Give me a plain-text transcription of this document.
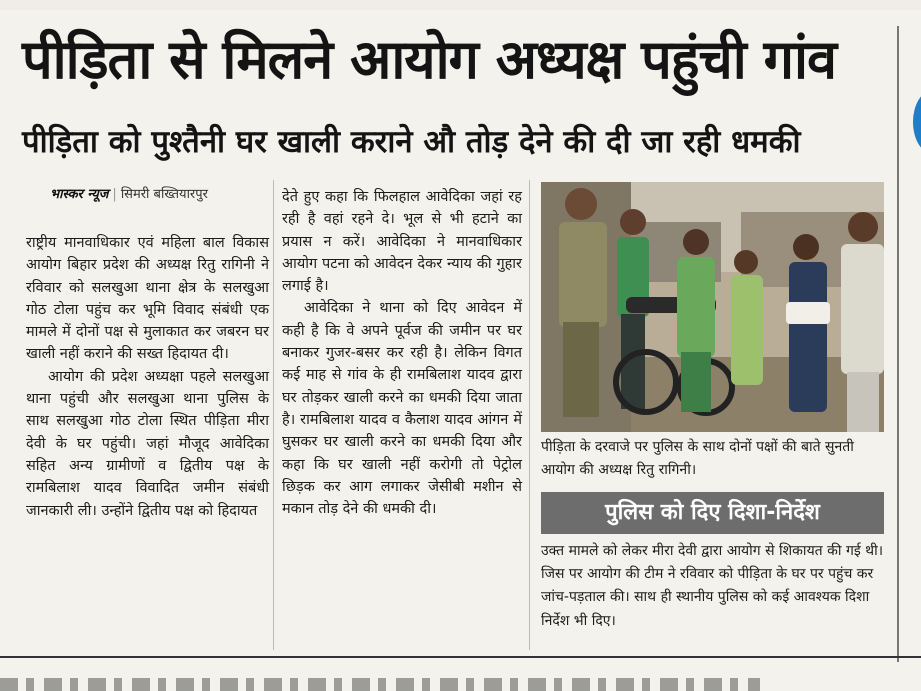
पीड़िता से मिलने आयोग अध्यक्ष पहुंची गांव
पीड़िता को पुश्तैनी घर खाली कराने औ तोड़ देने की दी जा रही धमकी
भास्कर न्यूज | सिमरी बख्तियारपुर

राष्ट्रीय मानवाधिकार एवं महिला बाल विकास आयोग बिहार प्रदेश की अध्यक्ष रितु रागिनी ने रविवार को सलखुआ थाना क्षेत्र के सलखुआ गोठ टोला पहुंच कर भूमि विवाद संबंधी एक मामले में दोनों पक्ष से मुलाकात कर जबरन घर खाली नहीं कराने की सख्त हिदायत दी।

आयोग की प्रदेश अध्यक्षा पहले सलखुआ थाना पहुंची और सलखुआ थाना पुलिस के साथ सलखुआ गोठ टोला स्थित पीड़िता मीरा देवी के घर पहुंची। जहां मौजूद आवेदिका सहित अन्य ग्रामीणों व द्वितीय पक्ष के रामबिलाश यादव विवादित जमीन संबंधी जानकारी ली। उन्होंने द्वितीय पक्ष को हिदायत

देते हुए कहा कि फिलहाल आवेदिका जहां रह रही है वहां रहने दे। भूल से भी हटाने का प्रयास न करें। आवेदिका ने मानवाधिकार आयोग पटना को आवेदन देकर न्याय की गुहार लगाई है।

आवेदिका ने थाना को दिए आवेदन में कही है कि वे अपने पूर्वज की जमीन पर घर बनाकर गुजर-बसर कर रही है। लेकिन विगत कई माह से गांव के ही रामबिलाश यादव द्वारा घर तोड़कर खाली करने का धमकी दिया जाता है। रामबिलाश यादव व कैलाश यादव आंगन में घुसकर घर खाली करने का धमकी दिया और कहा कि घर खाली नहीं करोगी तो पेट्रोल छिड़क कर आग लगाकर जेसीबी मशीन से मकान तोड़ देने की धमकी दी।

पीड़िता के दरवाजे पर पुलिस के साथ दोनों पक्षों की बाते सुनती आयोग की अध्यक्ष रितु रागिनी।
पुलिस को दिए दिशा-निर्देश

उक्त मामले को लेकर मीरा देवी द्वारा आयोग से शिकायत की गई थी। जिस पर आयोग की टीम ने रविवार को पीड़िता के घर पर पहुंच कर जांच-पड़ताल की। साथ ही स्थानीय पुलिस को कई आवश्यक दिशा निर्देश भी दिए।
